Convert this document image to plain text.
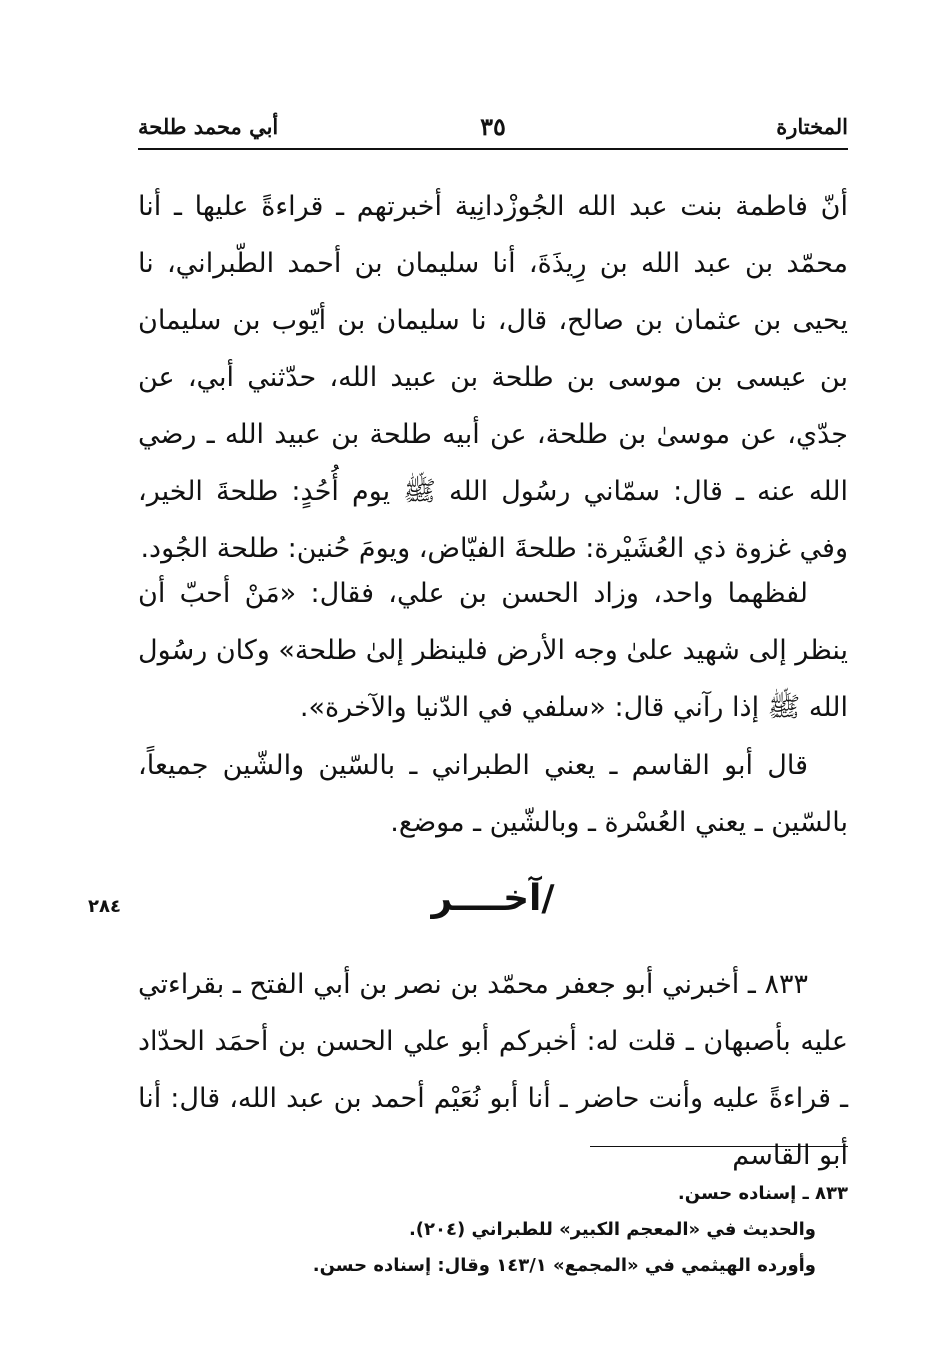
المختارة
٣٥
أبي محمد طلحة
أنّ فاطمة بنت عبد الله الجُوزْدانِية أخبرتهم ـ قراءةً عليها ـ أنا محمّد بن عبد الله بن رِيذَةَ، أنا سليمان بن أحمد الطّبراني، نا يحيى بن عثمان بن صالح، قال، نا سليمان بن أيّوب بن سليمان بن عيسى بن موسى بن طلحة بن عبيد الله، حدّثني أبي، عن جدّي، عن موسىٰ بن طلحة، عن أبيه طلحة بن عبيد الله ـ رضي الله عنه ـ قال: سمّاني رسُول الله ﷺ يوم أُحُدٍ: طلحةَ الخير، وفي غزوة ذي العُشَيْرة: طلحةَ الفيّاض، ويومَ حُنين: طلحة الجُود.
لفظهما واحد، وزاد الحسن بن علي، فقال: «مَنْ أحبّ أن ينظر إلى شهيد علىٰ وجه الأرض فلينظر إلىٰ طلحة» وكان رسُول الله ﷺ إذا رآني قال: «سلفي في الدّنيا والآخرة».
قال أبو القاسم ـ يعني الطبراني ـ بالسّين والشّين جميعاً، بالسّين ـ يعني العُسْرة ـ وبالشّين ـ موضع.
/آخــــر
٢٨٤
٨٣٣ ـ أخبرني أبو جعفر محمّد بن نصر بن أبي الفتح ـ بقراءتي عليه بأصبهان ـ قلت له: أخبركم أبو علي الحسن بن أحمَد الحدّاد ـ قراءةً عليه وأنت حاضر ـ أنا أبو نُعَيْم أحمد بن عبد الله، قال: أنا أبو القاسم
٨٣٣ ـ إسناده حسن.
والحديث في «المعجم الكبير» للطبراني (٢٠٤).
وأورده الهيثمي في «المجمع» ١٤٣/١ وقال: إسناده حسن.
